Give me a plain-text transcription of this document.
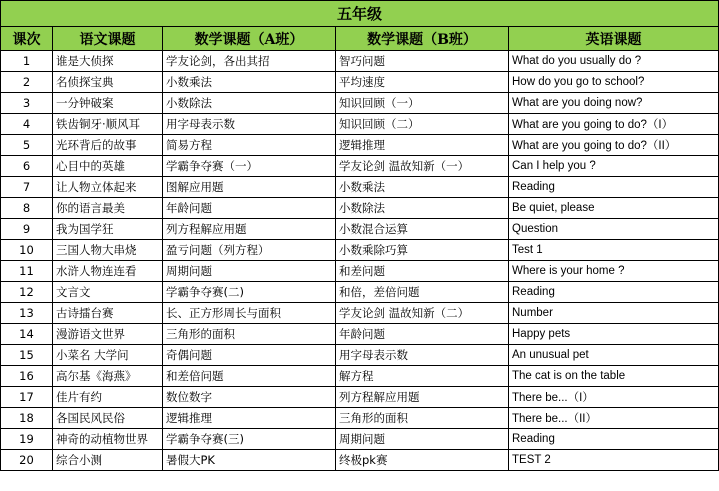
五年级				
课次	语文课题	数学课题（A班）	数学课题（B班）	英语课题
1	谁是大侦探	学友论剑，各出其招	智巧问题	What do you usually do ?
2	名侦探宝典	小数乘法	平均速度	How do you go to school?
3	一分钟破案	小数除法	知识回顾（一）	What are you doing now?
4	铁齿铜牙·顺风耳	用字母表示数	知识回顾（二）	What are you going to do?（I）
5	光环背后的故事	简易方程	逻辑推理	What are you going to do?（II）
6	心目中的英雄	学霸争夺赛（一）	学友论剑 温故知新（一）	Can I help you ?
7	让人物立体起来	图解应用题	小数乘法	Reading
8	你的语言最美	年龄问题	小数除法	Be quiet, please
9	我为国学狂	列方程解应用题	小数混合运算	Question
10	三国人物大串烧	盈亏问题（列方程）	小数乘除巧算	Test 1
11	水浒人物连连看	周期问题	和差问题	Where is your home ?
12	文言文	学霸争夺赛(二)	和倍，差倍问题	Reading
13	古诗擂台赛	长、正方形周长与面积	学友论剑 温故知新（二）	Number
14	漫游语文世界	三角形的面积	年龄问题	Happy pets
15	小菜名 大学问	奇偶问题	用字母表示数	An unusual pet
16	高尔基《海燕》	和差倍问题	解方程	The cat is on the table
17	佳片有约	数位数字	列方程解应用题	There be...（I）
18	各国民风民俗	逻辑推理	三角形的面积	There be...（II）
19	神奇的动植物世界	学霸争夺赛(三)	周期问题	Reading
20	综合小测	暑假大PK	终极pk赛	TEST 2
